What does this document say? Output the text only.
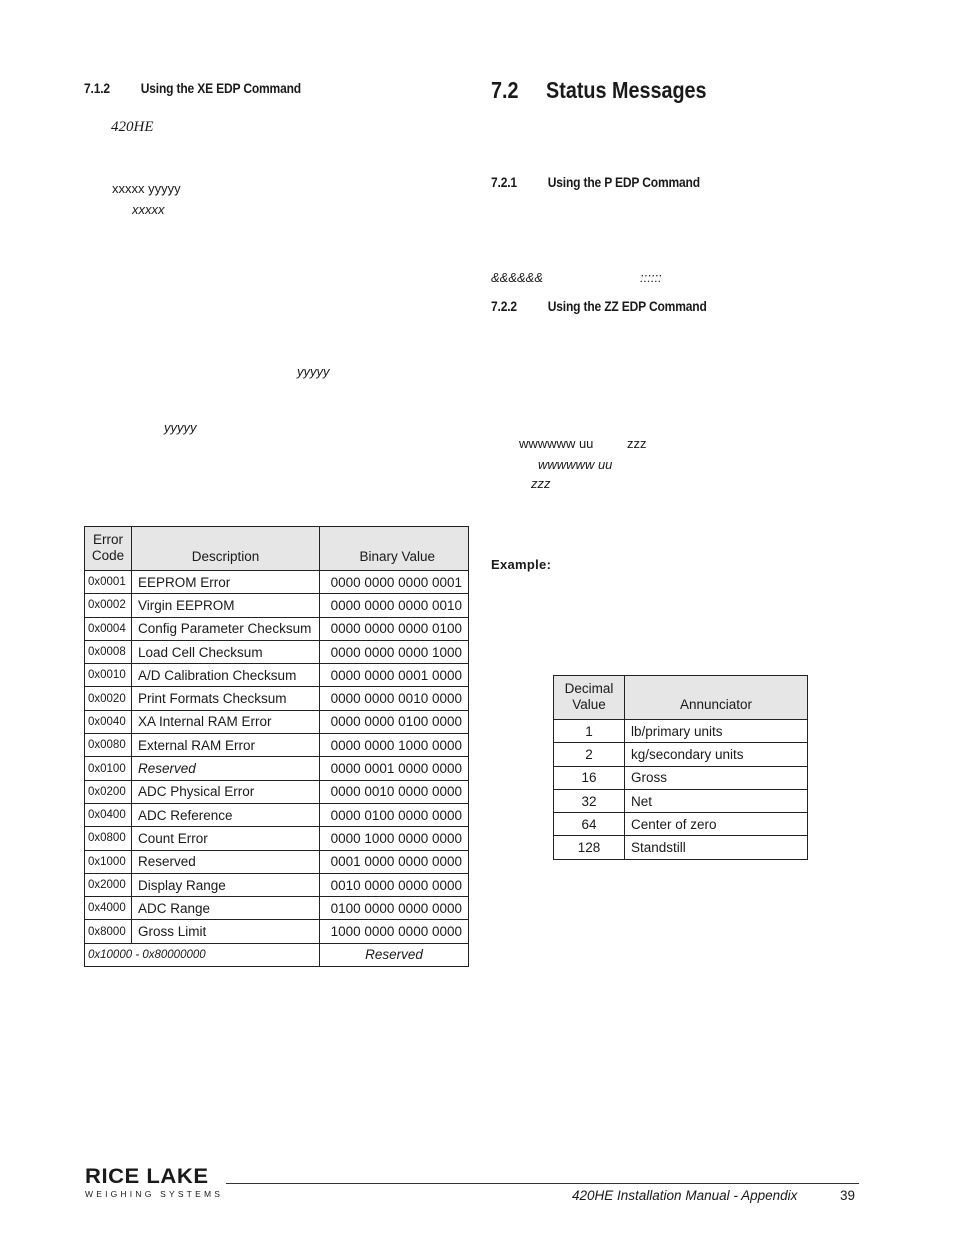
7.1.2 Using the XE EDP Command
420HE
xxxxx yyyyy
xxxxx
yyyyy
yyyyy
Error Code	Description	Binary Value
0x0001	EEPROM Error	0000 0000 0000 0001
0x0002	Virgin EEPROM	0000 0000 0000 0010
0x0004	Config Parameter Checksum	0000 0000 0000 0100
0x0008	Load Cell Checksum	0000 0000 0000 1000
0x0010	A/D Calibration Checksum	0000 0000 0001 0000
0x0020	Print Formats Checksum	0000 0000 0010 0000
0x0040	XA Internal RAM Error	0000 0000 0100 0000
0x0080	External RAM Error	0000 0000 1000 0000
0x0100	Reserved	0000 0001 0000 0000
0x0200	ADC Physical Error	0000 0010 0000 0000
0x0400	ADC Reference	0000 0100 0000 0000
0x0800	Count Error	0000 1000 0000 0000
0x1000	Reserved	0001 0000 0000 0000
0x2000	Display Range	0010 0000 0000 0000
0x4000	ADC Range	0100 0000 0000 0000
0x8000	Gross Limit	1000 0000 0000 0000
0x10000 - 0x80000000		Reserved
7.2 Status Messages
7.2.1 Using the P EDP Command
&&&&&&	::::::
7.2.2 Using the ZZ EDP Command
wwwwww uu	zzz
wwwwww uu
zzz
Example:
Decimal Value	Annunciator
1	lb/primary units
2	kg/secondary units
16	Gross
32	Net
64	Center of zero
128	Standstill
RICE LAKE
WEIGHING SYSTEMS	420HE Installation Manual - Appendix	39
